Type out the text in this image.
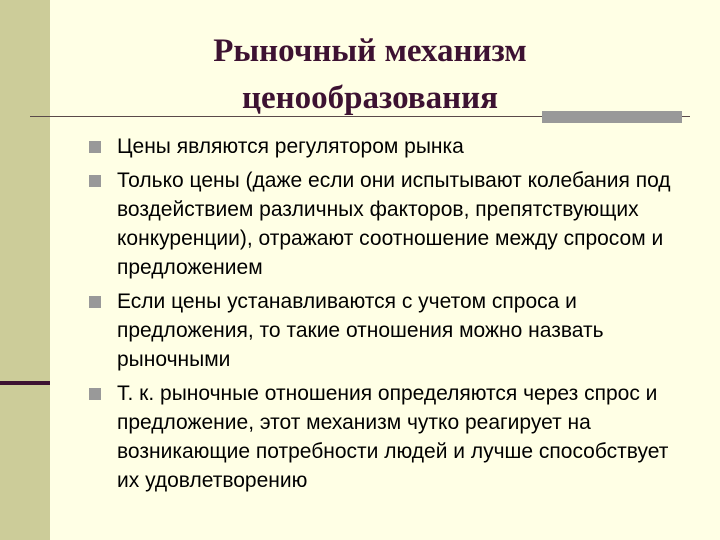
Рыночный механизм
ценообразования
Цены являются регулятором рынка
Только цены (даже если они испытывают колебания под воздействием различных факторов, препятствующих конкуренции), отражают соотношение между спросом и предложением
Если цены устанавливаются с учетом спроса и предложения, то такие отношения можно назвать рыночными
Т. к. рыночные отношения определяются через спрос и предложение, этот механизм чутко реагирует на возникающие потребности людей и лучше способствует их удовлетворению
